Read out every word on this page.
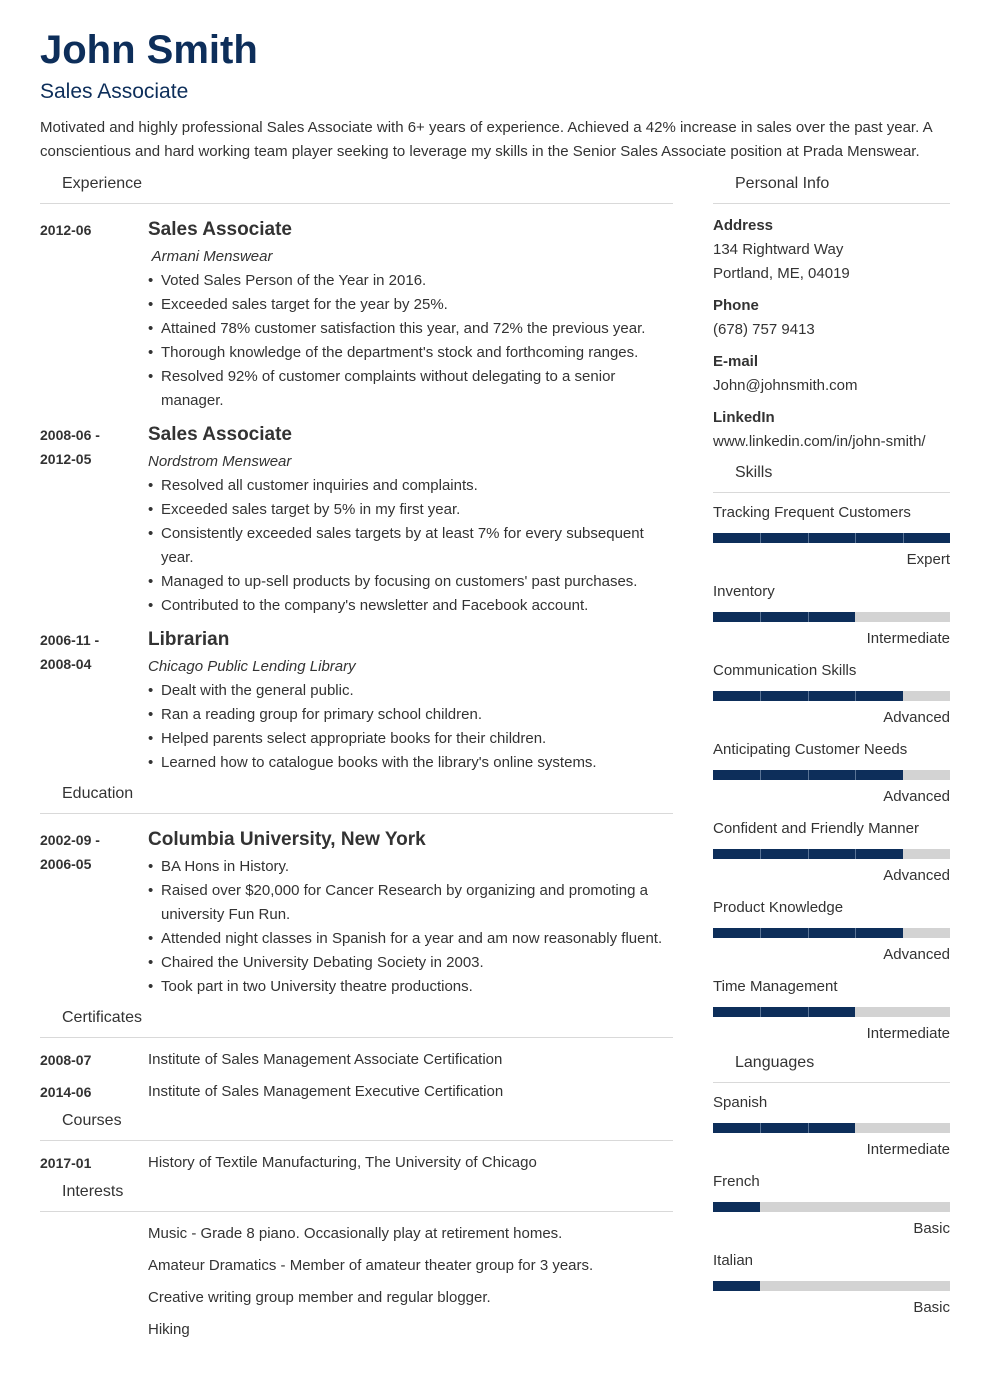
John Smith
Sales Associate
Motivated and highly professional Sales Associate with 6+ years of experience. Achieved a 42% increase in sales over the past year. A conscientious and hard working team player seeking to leverage my skills in the Senior Sales Associate position at Prada Menswear.
Experience
2012-06	Sales Associate
Armani Menswear
• Voted Sales Person of the Year in 2016.
• Exceeded sales target for the year by 25%.
• Attained 78% customer satisfaction this year, and 72% the previous year.
• Thorough knowledge of the department's stock and forthcoming ranges.
• Resolved 92% of customer complaints without delegating to a senior manager.
2008-06 -
2012-05
Sales Associate
Nordstrom Menswear
• Resolved all customer inquiries and complaints.
• Exceeded sales target by 5% in my first year.
• Consistently exceeded sales targets by at least 7% for every subsequent year.
• Managed to up-sell products by focusing on customers' past purchases.
• Contributed to the company's newsletter and Facebook account.
2006-11 -
2008-04
Librarian
Chicago Public Lending Library
• Dealt with the general public.
• Ran a reading group for primary school children.
• Helped parents select appropriate books for their children.
• Learned how to catalogue books with the library's online systems.
Education
2002-09 -
2006-05
Columbia University, New York
• BA Hons in History.
• Raised over $20,000 for Cancer Research by organizing and promoting a university Fun Run.
• Attended night classes in Spanish for a year and am now reasonably fluent.
• Chaired the University Debating Society in 2003.
• Took part in two University theatre productions.
Certificates
2008-07	Institute of Sales Management Associate Certification
2014-06	Institute of Sales Management Executive Certification
Courses
2017-01	History of Textile Manufacturing, The University of Chicago
Interests
Music - Grade 8 piano. Occasionally play at retirement homes.
Amateur Dramatics - Member of amateur theater group for 3 years.
Creative writing group member and regular blogger.
Hiking
Personal Info
Address
134 Rightward Way
Portland, ME, 04019
Phone
(678) 757 9413
E-mail
John@johnsmith.com
LinkedIn
www.linkedin.com/in/john-smith/
Skills
Tracking Frequent Customers
Expert
Inventory
Intermediate
Communication Skills
Advanced
Anticipating Customer Needs
Advanced
Confident and Friendly Manner
Advanced
Product Knowledge
Advanced
Time Management
Intermediate
Languages
Spanish
Intermediate
French
Basic
Italian
Basic
